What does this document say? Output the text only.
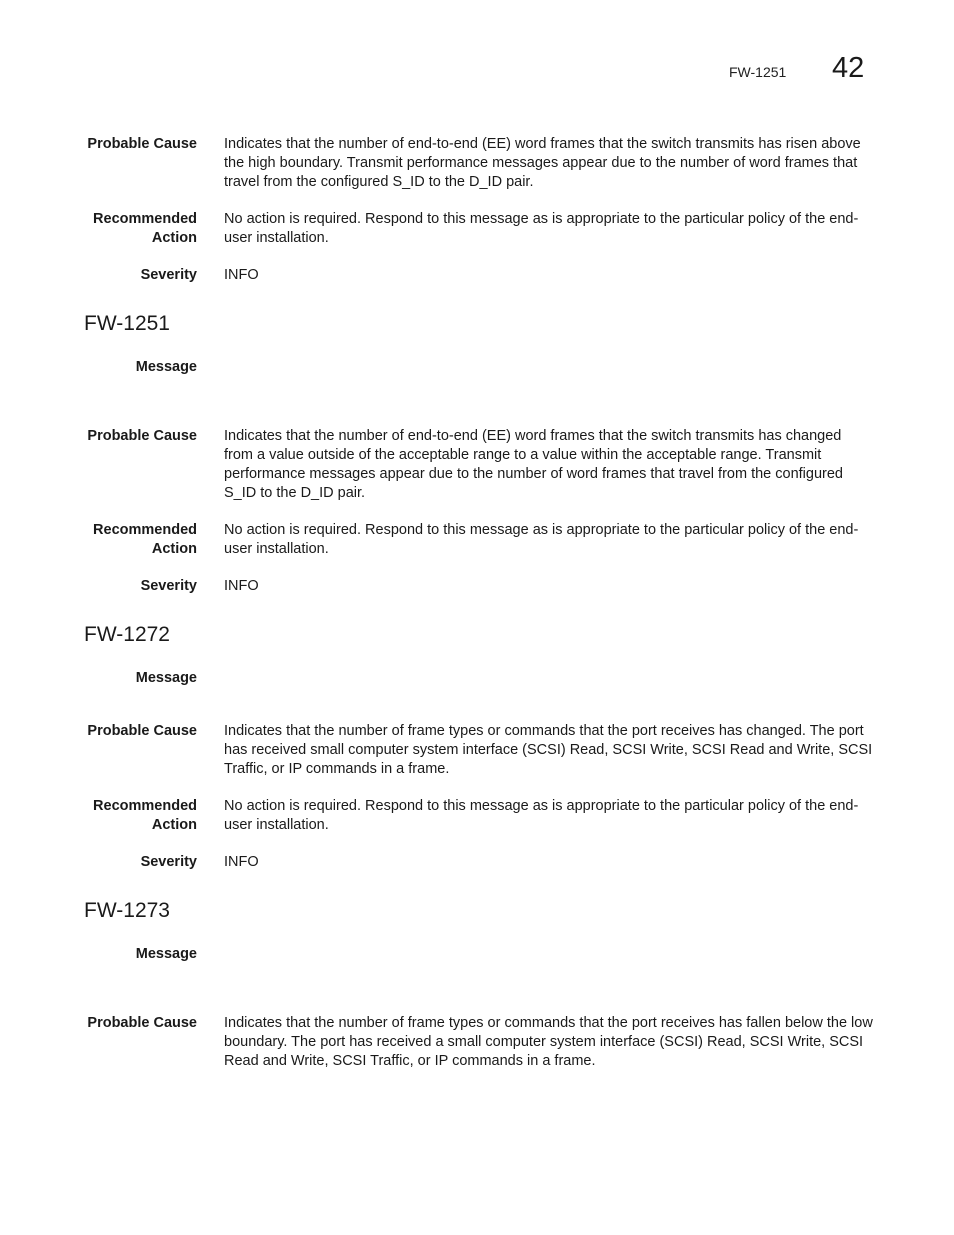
FW-1251 42
Probable Cause Indicates that the number of end-to-end (EE) word frames that the switch transmits has risen above the high boundary. Transmit performance messages appear due to the number of word frames that travel from the configured S_ID to the D_ID pair.
Recommended
Action
No action is required. Respond to this message as is appropriate to the particular policy of the end-user installation.
Severity INFO
FW-1251
Message
Probable Cause Indicates that the number of end-to-end (EE) word frames that the switch transmits has changed from a value outside of the acceptable range to a value within the acceptable range. Transmit performance messages appear due to the number of word frames that travel from the configured S_ID to the D_ID pair.
Recommended
Action
No action is required. Respond to this message as is appropriate to the particular policy of the end-user installation.
Severity INFO
FW-1272
Message
Probable Cause Indicates that the number of frame types or commands that the port receives has changed. The port has received small computer system interface (SCSI) Read, SCSI Write, SCSI Read and Write, SCSI Traffic, or IP commands in a frame.
Recommended
Action
No action is required. Respond to this message as is appropriate to the particular policy of the end-user installation.
Severity INFO
FW-1273
Message
Probable Cause Indicates that the number of frame types or commands that the port receives has fallen below the low boundary. The port has received a small computer system interface (SCSI) Read, SCSI Write, SCSI Read and Write, SCSI Traffic, or IP commands in a frame.
